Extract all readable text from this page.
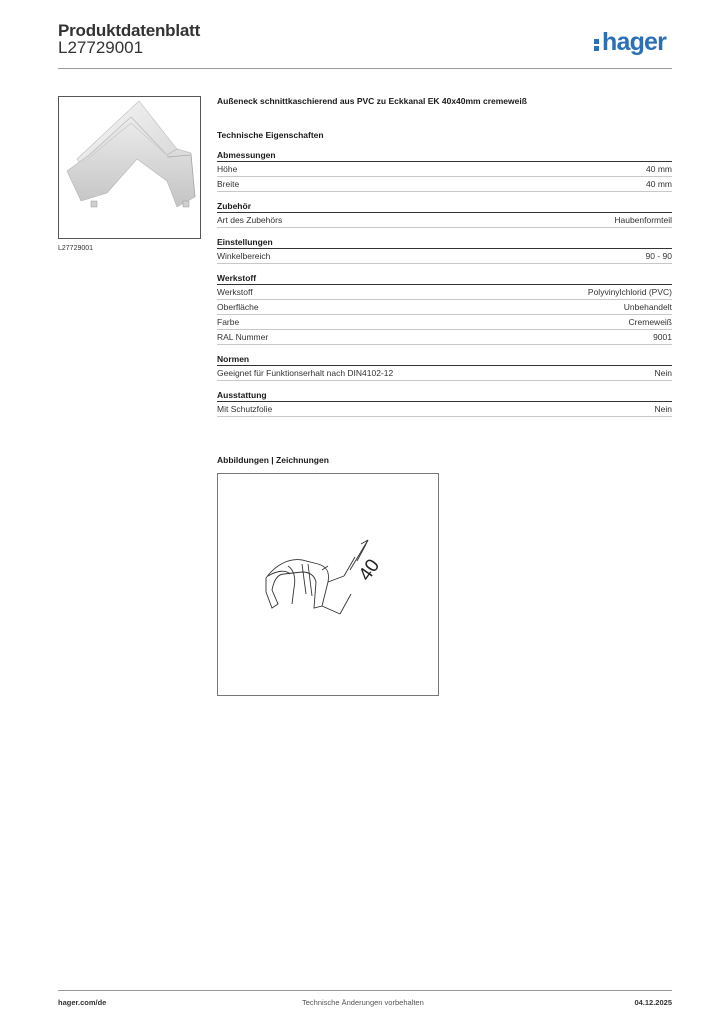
Produktdatenblatt
L27729001	hager
L27729001
Außeneck schnittkaschierend aus PVC zu Eckkanal EK 40x40mm cremeweiß
Technische Eigenschaften
Abmessungen
Höhe	40 mm
Breite	40 mm
Zubehör
Art des Zubehörs	Haubenformteil
Einstellungen
Winkelbereich	90 - 90
Werkstoff
Werkstoff	Polyvinylchlorid (PVC)
Oberfläche	Unbehandelt
Farbe	Cremeweiß
RAL Nummer	9001
Normen
Geeignet für Funktionserhalt nach DIN4102-12	Nein
Ausstattung
Mit Schutzfolie	Nein
Abbildungen | Zeichnungen
40
hager.com/de	Technische Änderungen vorbehalten	04.12.2025
